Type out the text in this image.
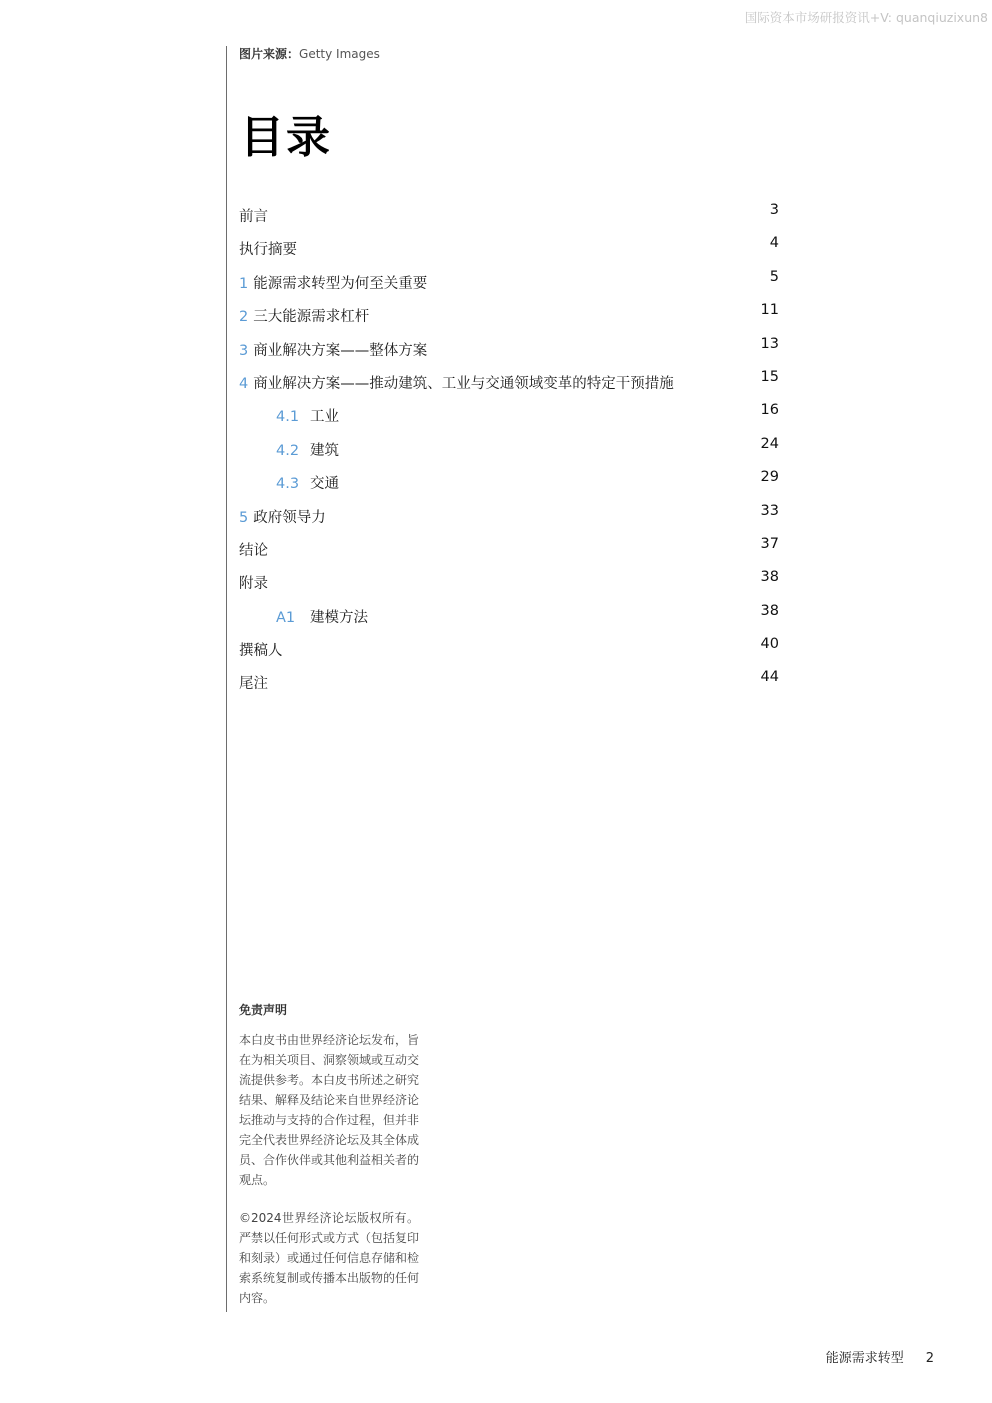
国际资本市场研报资讯+V: quanqiuzixun8
图片来源：Getty Images
目录
前言	3
执行摘要	4
1 能源需求转型为何至关重要	5
2 三大能源需求杠杆	11
3 商业解决方案——整体方案	13
4 商业解决方案——推动建筑、工业与交通领域变革的特定干预措施	15
4.1 工业	16
4.2 建筑	24
4.3 交通	29
5 政府领导力	33
结论	37
附录	38
A1 建模方法	38
撰稿人	40
尾注	44
免责声明

本白皮书由世界经济论坛发布，旨在为相关项目、洞察领域或互动交流提供参考。本白皮书所述之研究结果、解释及结论来自世界经济论坛推动与支持的合作过程，但并非完全代表世界经济论坛及其全体成员、合作伙伴或其他利益相关者的观点。

©2024世界经济论坛版权所有。严禁以任何形式或方式（包括复印和刻录）或通过任何信息存储和检索系统复制或传播本出版物的任何内容。

能源需求转型 2
